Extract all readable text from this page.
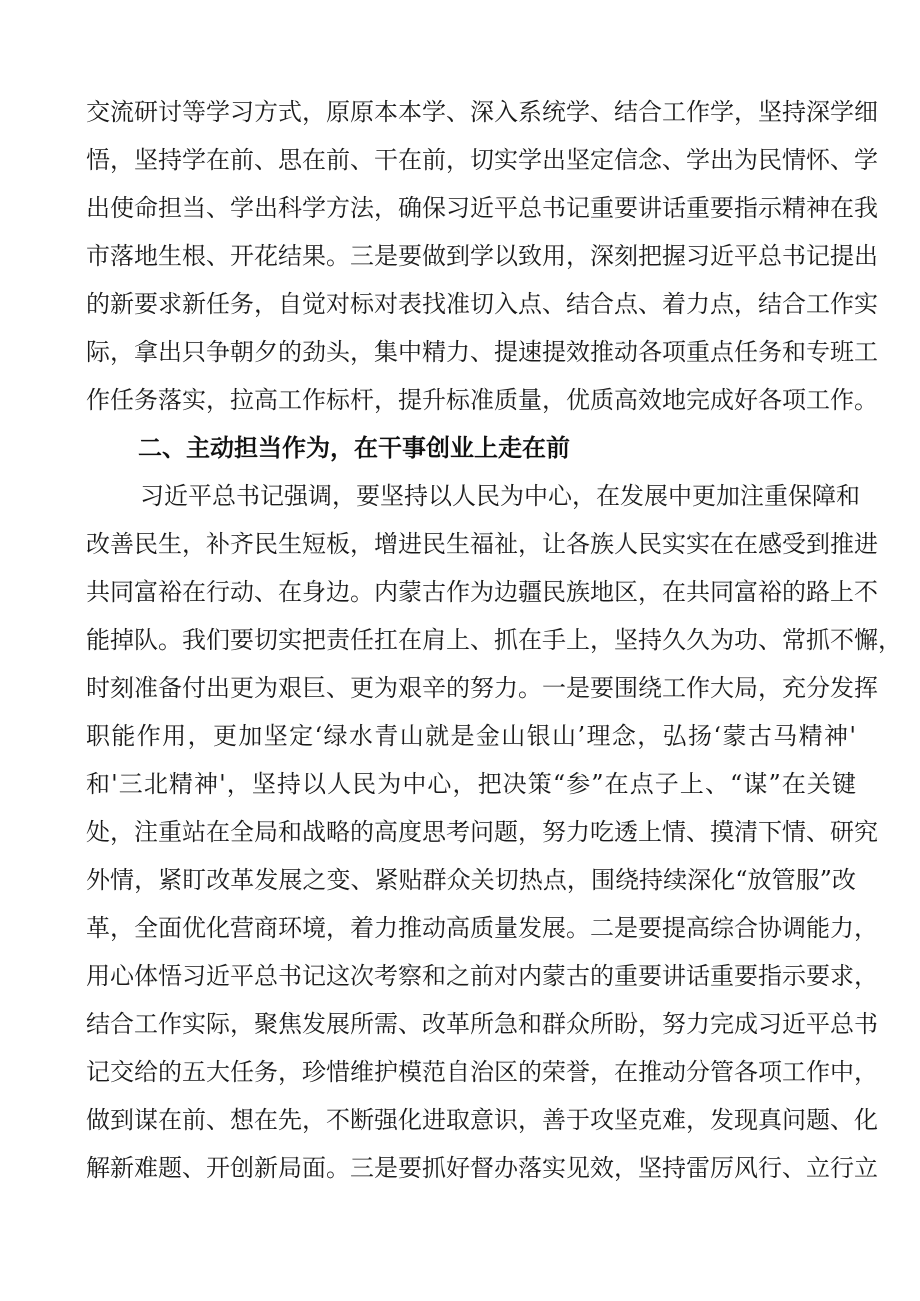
交流研讨等学习方式，原原本本学、深入系统学、结合工作学，坚持深学细
悟，坚持学在前、思在前、干在前，切实学出坚定信念、学出为民情怀、学
出使命担当、学出科学方法，确保习近平总书记重要讲话重要指示精神在我
市落地生根、开花结果。三是要做到学以致用，深刻把握习近平总书记提出
的新要求新任务，自觉对标对表找准切入点、结合点、着力点，结合工作实
际，拿出只争朝夕的劲头，集中精力、提速提效推动各项重点任务和专班工
作任务落实，拉高工作标杆，提升标准质量，优质高效地完成好各项工作。
二、主动担当作为，在干事创业上走在前
习近平总书记强调，要坚持以人民为中心，在发展中更加注重保障和
改善民生，补齐民生短板，增进民生福祉，让各族人民实实在在感受到推进
共同富裕在行动、在身边。内蒙古作为边疆民族地区，在共同富裕的路上不
能掉队。我们要切实把责任扛在肩上、抓在手上，坚持久久为功、常抓不懈，
时刻准备付出更为艰巨、更为艰辛的努力。一是要围绕工作大局，充分发挥
职能作用，更加坚定‘绿水青山就是金山银山’理念，弘扬‘蒙古马精神'
和'三北精神'，坚持以人民为中心，把决策“参”在点子上、“谋”在关键
处，注重站在全局和战略的高度思考问题，努力吃透上情、摸清下情、研究
外情，紧盯改革发展之变、紧贴群众关切热点，围绕持续深化“放管服”改
革，全面优化营商环境，着力推动高质量发展。二是要提高综合协调能力，
用心体悟习近平总书记这次考察和之前对内蒙古的重要讲话重要指示要求，
结合工作实际，聚焦发展所需、改革所急和群众所盼，努力完成习近平总书
记交给的五大任务，珍惜维护模范自治区的荣誉，在推动分管各项工作中，
做到谋在前、想在先，不断强化进取意识，善于攻坚克难，发现真问题、化
解新难题、开创新局面。三是要抓好督办落实见效，坚持雷厉风行、立行立
